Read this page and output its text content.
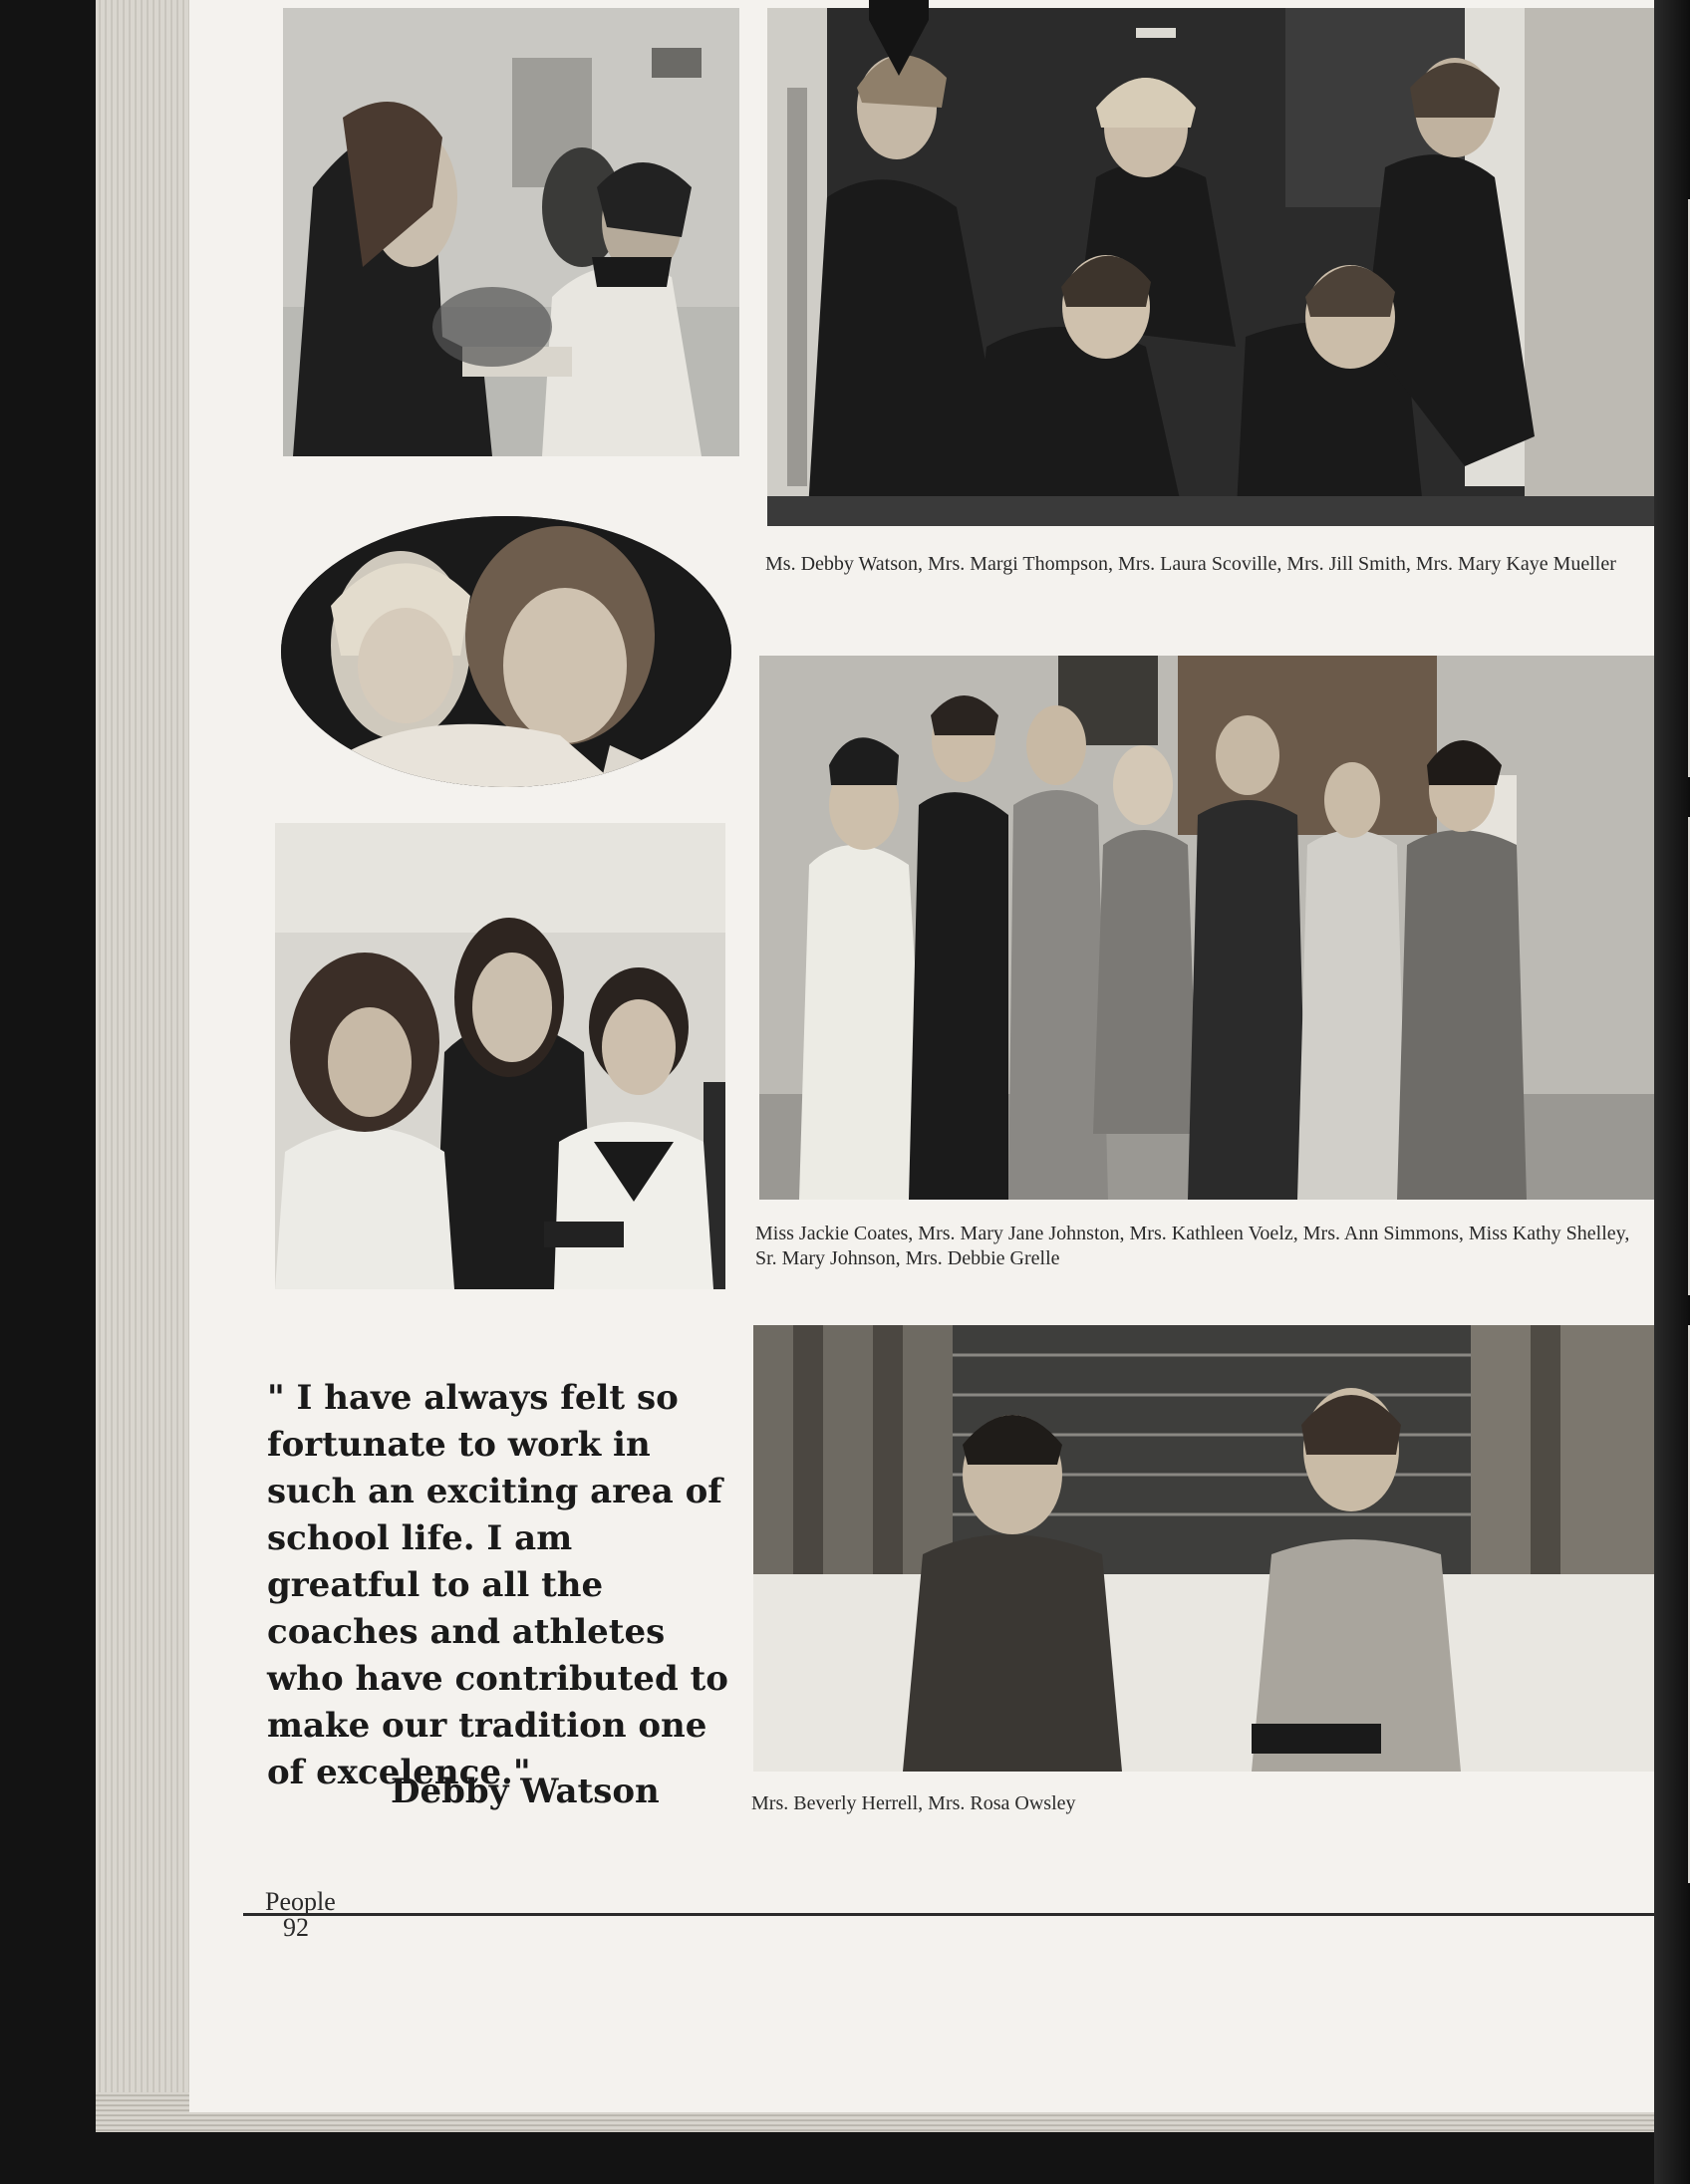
Ms. Debby Watson, Mrs. Margi Thompson, Mrs. Laura Scoville, Mrs. Jill Smith, Mrs. Mary Kaye Mueller
Miss Jackie Coates, Mrs. Mary Jane Johnston, Mrs. Kathleen Voelz, Mrs. Ann Simmons, Miss Kathy Shelley, Sr. Mary Johnson, Mrs. Debbie Grelle
" I have always felt so fortunate to work in such an exciting area of school life. I am greatful to all the coaches and athletes who have contributed to make our tradition one of excelence."
Debby Watson	Mrs. Beverly Herrell, Mrs. Rosa Owsley
People
92
